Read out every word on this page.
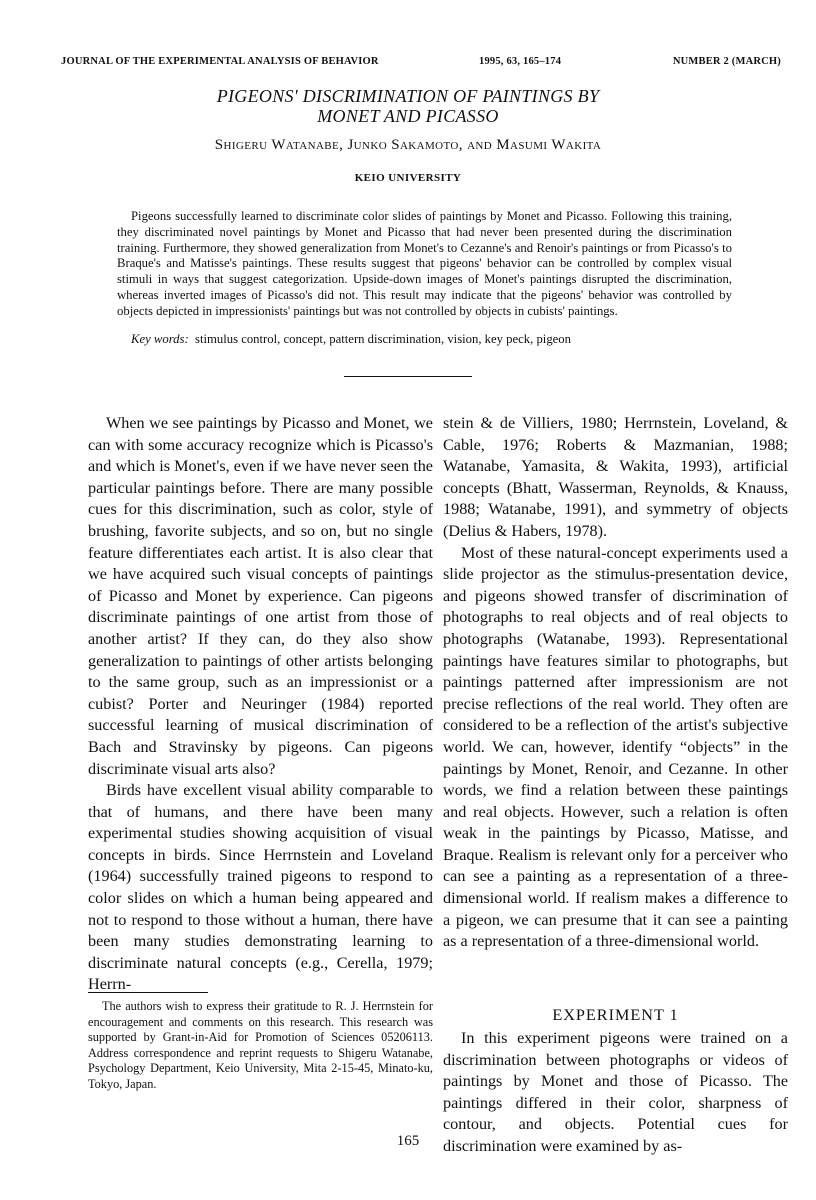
JOURNAL OF THE EXPERIMENTAL ANALYSIS OF BEHAVIOR	1995, 63, 165–174	NUMBER 2 (MARCH)
PIGEONS' DISCRIMINATION OF PAINTINGS BY
MONET AND PICASSO
Shigeru Watanabe, Junko Sakamoto, and Masumi Wakita
KEIO UNIVERSITY

Pigeons successfully learned to discriminate color slides of paintings by Monet and Picasso. Following this training, they discriminated novel paintings by Monet and Picasso that had never been presented during the discrimination training. Furthermore, they showed generalization from Monet's to Cezanne's and Renoir's paintings or from Picasso's to Braque's and Matisse's paintings. These results suggest that pigeons' behavior can be controlled by complex visual stimuli in ways that suggest categorization. Upside-down images of Monet's paintings disrupted the discrimination, whereas inverted images of Picasso's did not. This result may indicate that the pigeons' behavior was controlled by objects depicted in impressionists' paintings but was not controlled by objects in cubists' paintings.

Key words: stimulus control, concept, pattern discrimination, vision, key peck, pigeon

When we see paintings by Picasso and Monet, we can with some accuracy recognize which is Picasso's and which is Monet's, even if we have never seen the particular paintings before. There are many possible cues for this discrimination, such as color, style of brushing, favorite subjects, and so on, but no single feature differentiates each artist. It is also clear that we have acquired such visual concepts of paintings of Picasso and Monet by experience. Can pigeons discriminate paintings of one artist from those of another artist? If they can, do they also show generalization to paintings of other artists belonging to the same group, such as an impressionist or a cubist? Porter and Neuringer (1984) reported successful learning of musical discrimination of Bach and Stravinsky by pigeons. Can pigeons discriminate visual arts also?

Birds have excellent visual ability comparable to that of humans, and there have been many experimental studies showing acquisition of visual concepts in birds. Since Herrnstein and Loveland (1964) successfully trained pigeons to respond to color slides on which a human being appeared and not to respond to those without a human, there have been many studies demonstrating learning to discriminate natural concepts (e.g., Cerella, 1979; Herrn-

stein & de Villiers, 1980; Herrnstein, Loveland, & Cable, 1976; Roberts & Mazmanian, 1988; Watanabe, Yamasita, & Wakita, 1993), artificial concepts (Bhatt, Wasserman, Reynolds, & Knauss, 1988; Watanabe, 1991), and symmetry of objects (Delius & Habers, 1978).

Most of these natural-concept experiments used a slide projector as the stimulus-presentation device, and pigeons showed transfer of discrimination of photographs to real objects and of real objects to photographs (Watanabe, 1993). Representational paintings have features similar to photographs, but paintings patterned after impressionism are not precise reflections of the real world. They often are considered to be a reflection of the artist's subjective world. We can, however, identify “objects” in the paintings by Monet, Renoir, and Cezanne. In other words, we find a relation between these paintings and real objects. However, such a relation is often weak in the paintings by Picasso, Matisse, and Braque. Realism is relevant only for a perceiver who can see a painting as a representation of a three-dimensional world. If realism makes a difference to a pigeon, we can presume that it can see a painting as a representation of a three-dimensional world.

EXPERIMENT 1

In this experiment pigeons were trained on a discrimination between photographs or videos of paintings by Monet and those of Picasso. The paintings differed in their color, sharpness of contour, and objects. Potential cues for discrimination were examined by as-

The authors wish to express their gratitude to R. J. Herrnstein for encouragement and comments on this research. This research was supported by Grant-in-Aid for Promotion of Sciences 05206113. Address correspondence and reprint requests to Shigeru Watanabe, Psychology Department, Keio University, Mita 2-15-45, Minato-ku, Tokyo, Japan.
165
